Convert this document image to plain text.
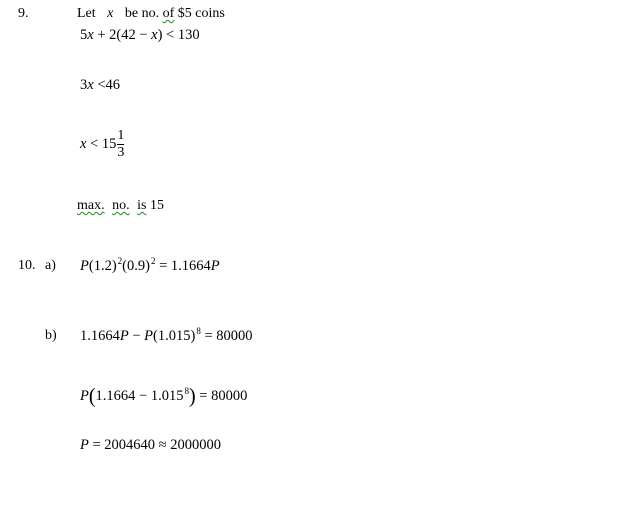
9.	Let x be no. of $5 coins
5x + 2(42 − x) < 130
3x <46
$x < 15 \frac{1}{3}$
max. no. is 15
10. a) $P(1.2)^2(0.9)^2 = 1.1664P$
b) $1.1664P - P(1.015)^8 = 80000$
$P(1.1664 - 1.015^8) = 80000$
P = 2004640 ≈ 2000000
